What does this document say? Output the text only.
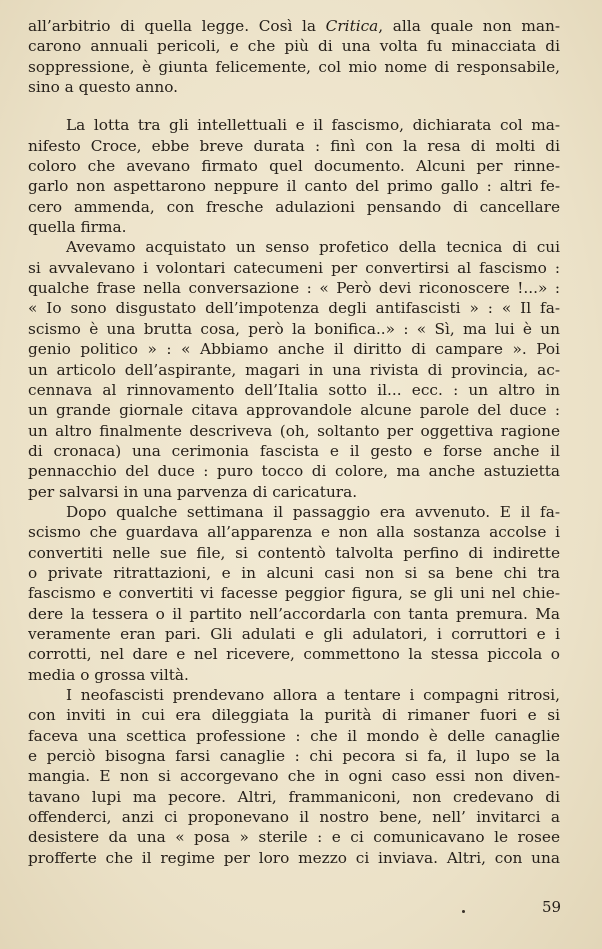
all’arbitrio di quella legge. Così la Critica, alla quale non man-
carono annuali pericoli, e che più di una volta fu minacciata di
soppressione, è giunta felicemente, col mio nome di responsabile,
sino a questo anno.
La lotta tra gli intellettuali e il fascismo, dichiarata col ma-
nifesto Croce, ebbe breve durata : finì con la resa di molti di
coloro che avevano firmato quel documento. Alcuni per rinne-
garlo non aspettarono neppure il canto del primo gallo : altri fe-
cero ammenda, con fresche adulazioni pensando di cancellare
quella firma.
Avevamo acquistato un senso profetico della tecnica di cui
si avvalevano i volontari catecumeni per convertirsi al fascismo :
qualche frase nella conversazione : « Però devi riconoscere !...» :
« Io sono disgustato dell’impotenza degli antifascisti » : « Il fa-
scismo è una brutta cosa, però la bonifica..» : « Sì, ma lui è un
genio politico » : « Abbiamo anche il diritto di campare ». Poi
un articolo dell’aspirante, magari in una rivista di provincia, ac-
cennava al rinnovamento dell’Italia sotto il... ecc. : un altro in
un grande giornale citava approvandole alcune parole del duce :
un altro finalmente descriveva (oh, soltanto per oggettiva ragione
di cronaca) una cerimonia fascista e il gesto e forse anche il
pennacchio del duce : puro tocco di colore, ma anche astuzietta
per salvarsi in una parvenza di caricatura.
Dopo qualche settimana il passaggio era avvenuto. E il fa-
scismo che guardava all’apparenza e non alla sostanza accolse i
convertiti nelle sue file, si contentò talvolta perfino di indirette
o private ritrattazioni, e in alcuni casi non si sa bene chi tra
fascismo e convertiti vi facesse peggior figura, se gli uni nel chie-
dere la tessera o il partito nell’accordarla con tanta premura. Ma
veramente eran pari. Gli adulati e gli adulatori, i corruttori e i
corrotti, nel dare e nel ricevere, commettono la stessa piccola o
media o grossa viltà.
I neofascisti prendevano allora a tentare i compagni ritrosi,
con inviti in cui era dileggiata la purità di rimaner fuori e si
faceva una scettica professione : che il mondo è delle canaglie
e perciò bisogna farsi canaglie : chi pecora si fa, il lupo se la
mangia. E non si accorgevano che in ogni caso essi non diven-
tavano lupi ma pecore. Altri, frammaniconi, non credevano di
offenderci, anzi ci proponevano il nostro bene, nell’ invitarci a
desistere da una « posa » sterile : e ci comunicavano le rosee
profferte che il regime per loro mezzo ci inviava. Altri, con una
59
